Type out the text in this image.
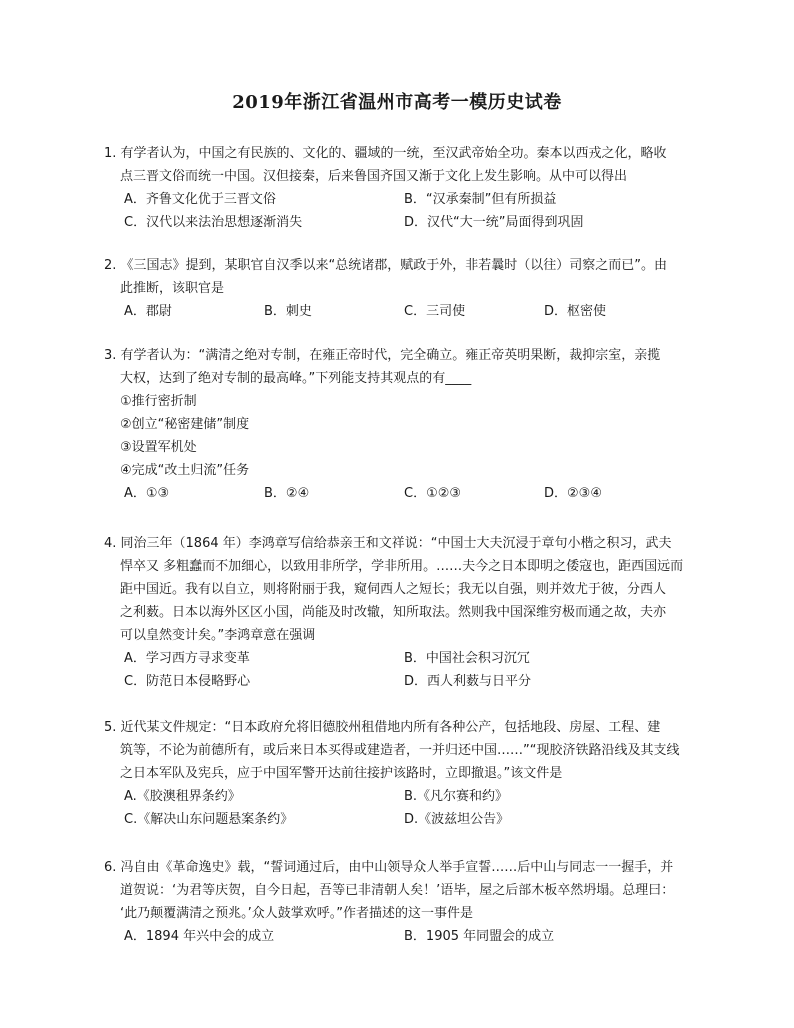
2019年浙江省温州市高考一模历史试卷
1. 有学者认为，中国之有民族的、文化的、疆域的一统，至汉武帝始全功。秦本以西戎之化，略收
点三晋文俗而统一中国。汉但接秦，后来鲁国齐国又渐于文化上发生影响。从中可以得出
A．齐鲁文化优于三晋文俗	B．“汉承秦制”但有所损益
C．汉代以来法治思想逐渐消失	D．汉代“大一统”局面得到巩固
2. 《三国志》提到，某职官自汉季以来“总统诸郡，赋政于外，非若曩时（以往）司察之而已”。由
此推断，该职官是
A．郡尉	B．刺史	C．三司使	D．枢密使
3. 有学者认为：“满清之绝对专制，在雍正帝时代，完全确立。雍正帝英明果断，裁抑宗室，亲揽
大权，达到了绝对专制的最高峰。”下列能支持其观点的有____
①推行密折制
②创立“秘密建储”制度
③设置军机处
④完成“改土归流”任务
A．①③	B．②④	C．①②③	D．②③④
4. 同治三年（1864 年）李鸿章写信给恭亲王和文祥说：“中国士大夫沉浸于章句小楷之积习，武夫
悍卒又 多粗蠢而不加细心，以致用非所学，学非所用。……夫今之日本即明之倭寇也，距西国远而
距中国近。我有以自立，则将附丽于我，窥伺西人之短长；我无以自强，则并效尤于彼，分西人
之利薮。日本以海外区区小国，尚能及时改辙，知所取法。然则我中国深维穷极而通之故，夫亦
可以皇然变计矣。”李鸿章意在强调
A．学习西方寻求变革	B．中国社会积习沉冗
C．防范日本侵略野心	D．西人利薮与日平分
5. 近代某文件规定：“日本政府允将旧德胶州租借地内所有各种公产，包括地段、房屋、工程、建
筑等，不论为前德所有，或后来日本买得或建造者，一并归还中国……”“现胶济铁路沿线及其支线
之日本军队及宪兵，应于中国军警开达前往接护该路时，立即撤退。”该文件是
A.《胶澳租界条约》	B.《凡尔赛和约》
C.《解决山东问题悬案条约》	D.《波兹坦公告》
6. 冯自由《革命逸史》载，“誓词通过后，由中山领导众人举手宣誓……后中山与同志一一握手，并
道贺说：‘为君等庆贺，自今日起，吾等已非清朝人矣！’语毕，屋之后部木板卒然坍塌。总理曰：
‘此乃颠覆满清之预兆。’众人鼓掌欢呼。”作者描述的这一事件是
A．1894 年兴中会的成立	B．1905 年同盟会的成立
